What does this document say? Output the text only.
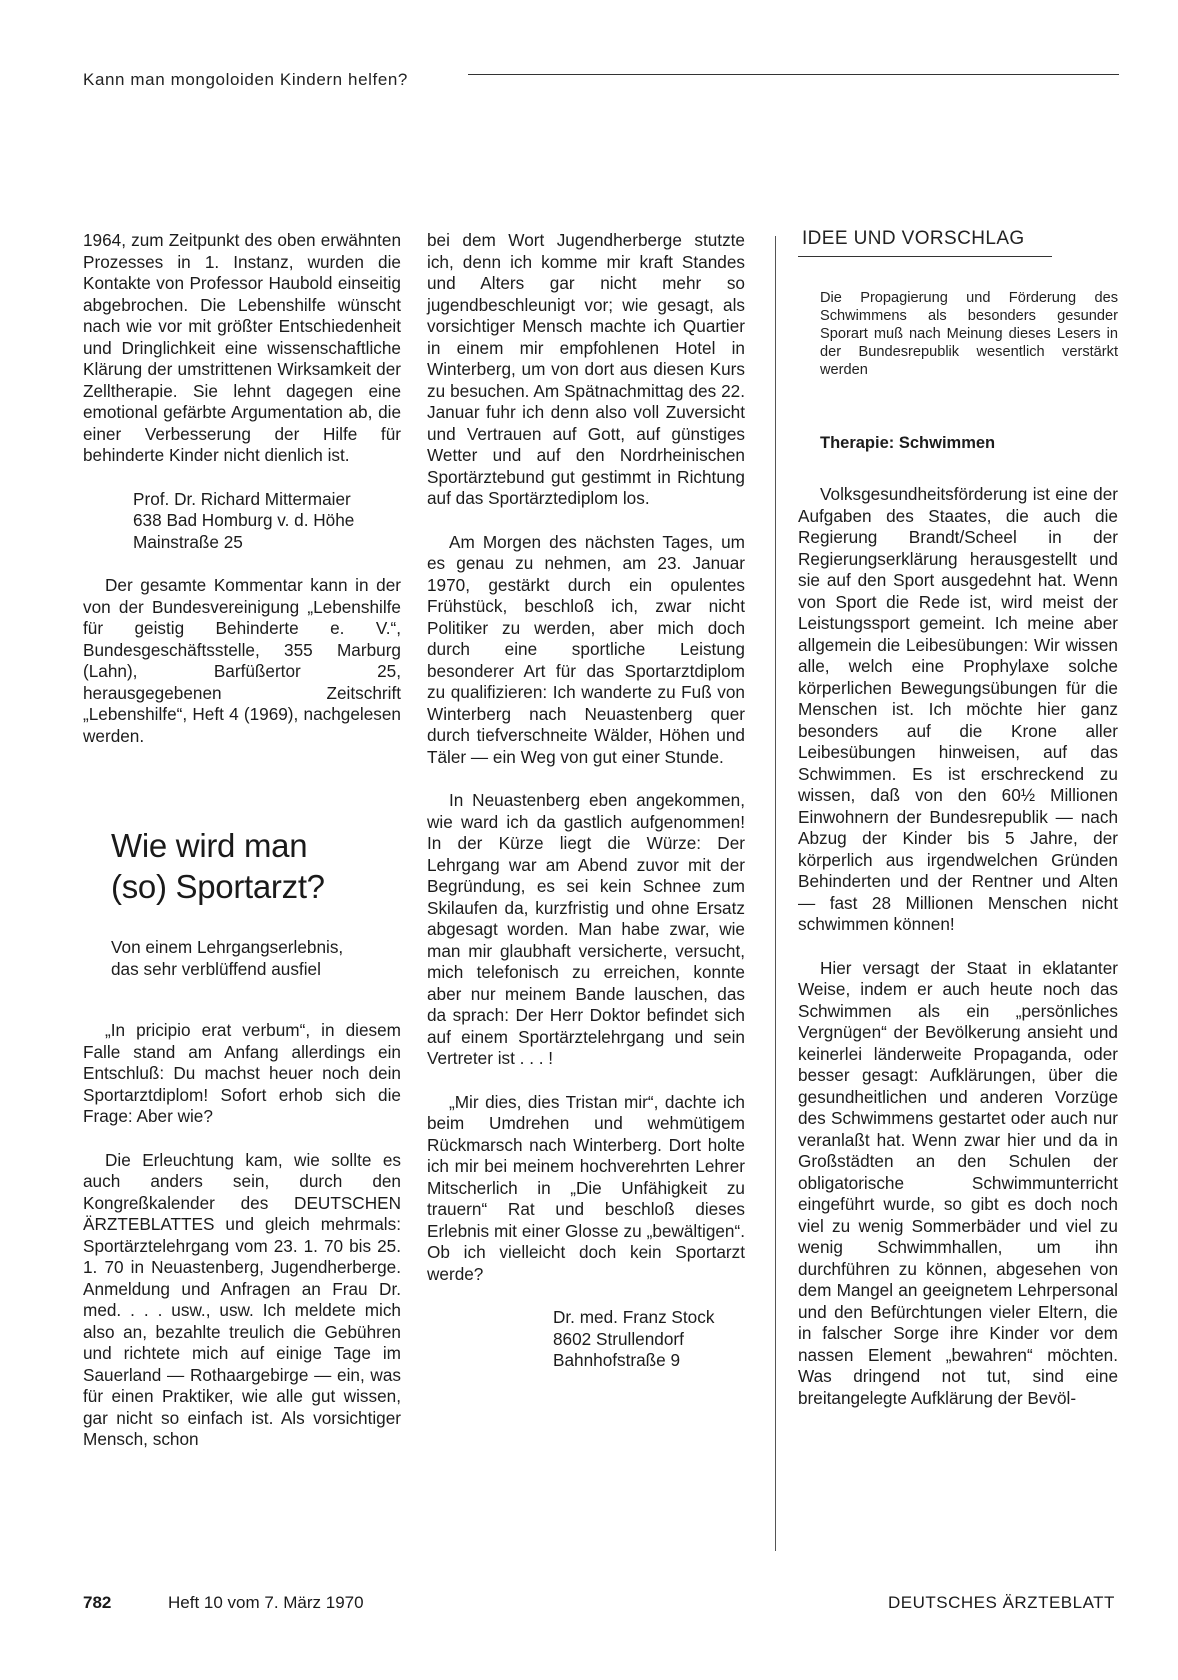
Kann man mongoloiden Kindern helfen?

1964, zum Zeitpunkt des oben erwähnten Prozesses in 1. Instanz, wurden die Kontakte von Professor Haubold einseitig abgebrochen. Die Lebenshilfe wünscht nach wie vor mit größter Entschiedenheit und Dringlichkeit eine wissenschaftliche Klärung der umstrittenen Wirksamkeit der Zelltherapie. Sie lehnt dagegen eine emotional gefärbte Argumentation ab, die einer Verbesserung der Hilfe für behinderte Kinder nicht dienlich ist.

Prof. Dr. Richard Mittermaier
638 Bad Homburg v. d. Höhe
Mainstraße 25

Der gesamte Kommentar kann in der von der Bundesvereinigung „Lebenshilfe für geistig Behinderte e. V.“, Bundesgeschäftsstelle, 355 Marburg (Lahn), Barfüßertor 25, herausgegebenen Zeitschrift „Lebenshilfe“, Heft 4 (1969), nachgelesen werden.

Wie wird man
(so) Sportarzt?
Von einem Lehrgangserlebnis,
das sehr verblüffend ausfiel

„In pricipio erat verbum“, in diesem Falle stand am Anfang allerdings ein Entschluß: Du machst heuer noch dein Sportarztdiplom! Sofort erhob sich die Frage: Aber wie?

Die Erleuchtung kam, wie sollte es auch anders sein, durch den Kongreßkalender des DEUTSCHEN ÄRZTEBLATTES und gleich mehrmals: Sportärztelehrgang vom 23. 1. 70 bis 25. 1. 70 in Neuastenberg, Jugendherberge. Anmeldung und Anfragen an Frau Dr. med. . . . usw., usw. Ich meldete mich also an, bezahlte treulich die Gebühren und richtete mich auf einige Tage im Sauerland — Rothaargebirge — ein, was für einen Praktiker, wie alle gut wissen, gar nicht so einfach ist. Als vorsichtiger Mensch, schon

bei dem Wort Jugendherberge stutzte ich, denn ich komme mir kraft Standes und Alters gar nicht mehr so jugendbeschleunigt vor; wie gesagt, als vorsichtiger Mensch machte ich Quartier in einem mir empfohlenen Hotel in Winterberg, um von dort aus diesen Kurs zu besuchen. Am Spätnachmittag des 22. Januar fuhr ich denn also voll Zuversicht und Vertrauen auf Gott, auf günstiges Wetter und auf den Nordrheinischen Sportärztebund gut gestimmt in Richtung auf das Sportärztediplom los.

Am Morgen des nächsten Tages, um es genau zu nehmen, am 23. Januar 1970, gestärkt durch ein opulentes Frühstück, beschloß ich, zwar nicht Politiker zu werden, aber mich doch durch eine sportliche Leistung besonderer Art für das Sportarztdiplom zu qualifizieren: Ich wanderte zu Fuß von Winterberg nach Neuastenberg quer durch tiefverschneite Wälder, Höhen und Täler — ein Weg von gut einer Stunde.

In Neuastenberg eben angekommen, wie ward ich da gastlich aufgenommen! In der Kürze liegt die Würze: Der Lehrgang war am Abend zuvor mit der Begründung, es sei kein Schnee zum Skilaufen da, kurzfristig und ohne Ersatz abgesagt worden. Man habe zwar, wie man mir glaubhaft versicherte, versucht, mich telefonisch zu erreichen, konnte aber nur meinem Bande lauschen, das da sprach: Der Herr Doktor befindet sich auf einem Sportärztelehrgang und sein Vertreter ist . . . !

„Mir dies, dies Tristan mir“, dachte ich beim Umdrehen und wehmütigem Rückmarsch nach Winterberg. Dort holte ich mir bei meinem hochverehrten Lehrer Mitscherlich in „Die Unfähigkeit zu trauern“ Rat und beschloß dieses Erlebnis mit einer Glosse zu „bewältigen“. Ob ich vielleicht doch kein Sportarzt werde?

Dr. med. Franz Stock
8602 Strullendorf
Bahnhofstraße 9
IDEE UND VORSCHLAG

Die Propagierung und Förderung des Schwimmens als besonders gesunder Sporart muß nach Meinung dieses Lesers in der Bundesrepublik wesentlich verstärkt werden

Therapie: Schwimmen

Volksgesundheitsförderung ist eine der Aufgaben des Staates, die auch die Regierung Brandt/Scheel in der Regierungserklärung herausgestellt und sie auf den Sport ausgedehnt hat. Wenn von Sport die Rede ist, wird meist der Leistungssport gemeint. Ich meine aber allgemein die Leibesübungen: Wir wissen alle, welch eine Prophylaxe solche körperlichen Bewegungsübungen für die Menschen ist. Ich möchte hier ganz besonders auf die Krone aller Leibesübungen hinweisen, auf das Schwimmen. Es ist erschreckend zu wissen, daß von den 60½ Millionen Einwohnern der Bundesrepublik — nach Abzug der Kinder bis 5 Jahre, der körperlich aus irgendwelchen Gründen Behinderten und der Rentner und Alten — fast 28 Millionen Menschen nicht schwimmen können!

Hier versagt der Staat in eklatanter Weise, indem er auch heute noch das Schwimmen als ein „persönliches Vergnügen“ der Bevölkerung ansieht und keinerlei länderweite Propaganda, oder besser gesagt: Aufklärungen, über die gesundheitlichen und anderen Vorzüge des Schwimmens gestartet oder auch nur veranlaßt hat. Wenn zwar hier und da in Großstädten an den Schulen der obligatorische Schwimmunterricht eingeführt wurde, so gibt es doch noch viel zu wenig Sommerbäder und viel zu wenig Schwimmhallen, um ihn durchführen zu können, abgesehen von dem Mangel an geeignetem Lehrpersonal und den Befürchtungen vieler Eltern, die in falscher Sorge ihre Kinder vor dem nassen Element „bewahren“ möchten. Was dringend not tut, sind eine breitangelegte Aufklärung der Bevöl-

782	Heft 10 vom 7. März 1970	DEUTSCHES ÄRZTEBLATT
